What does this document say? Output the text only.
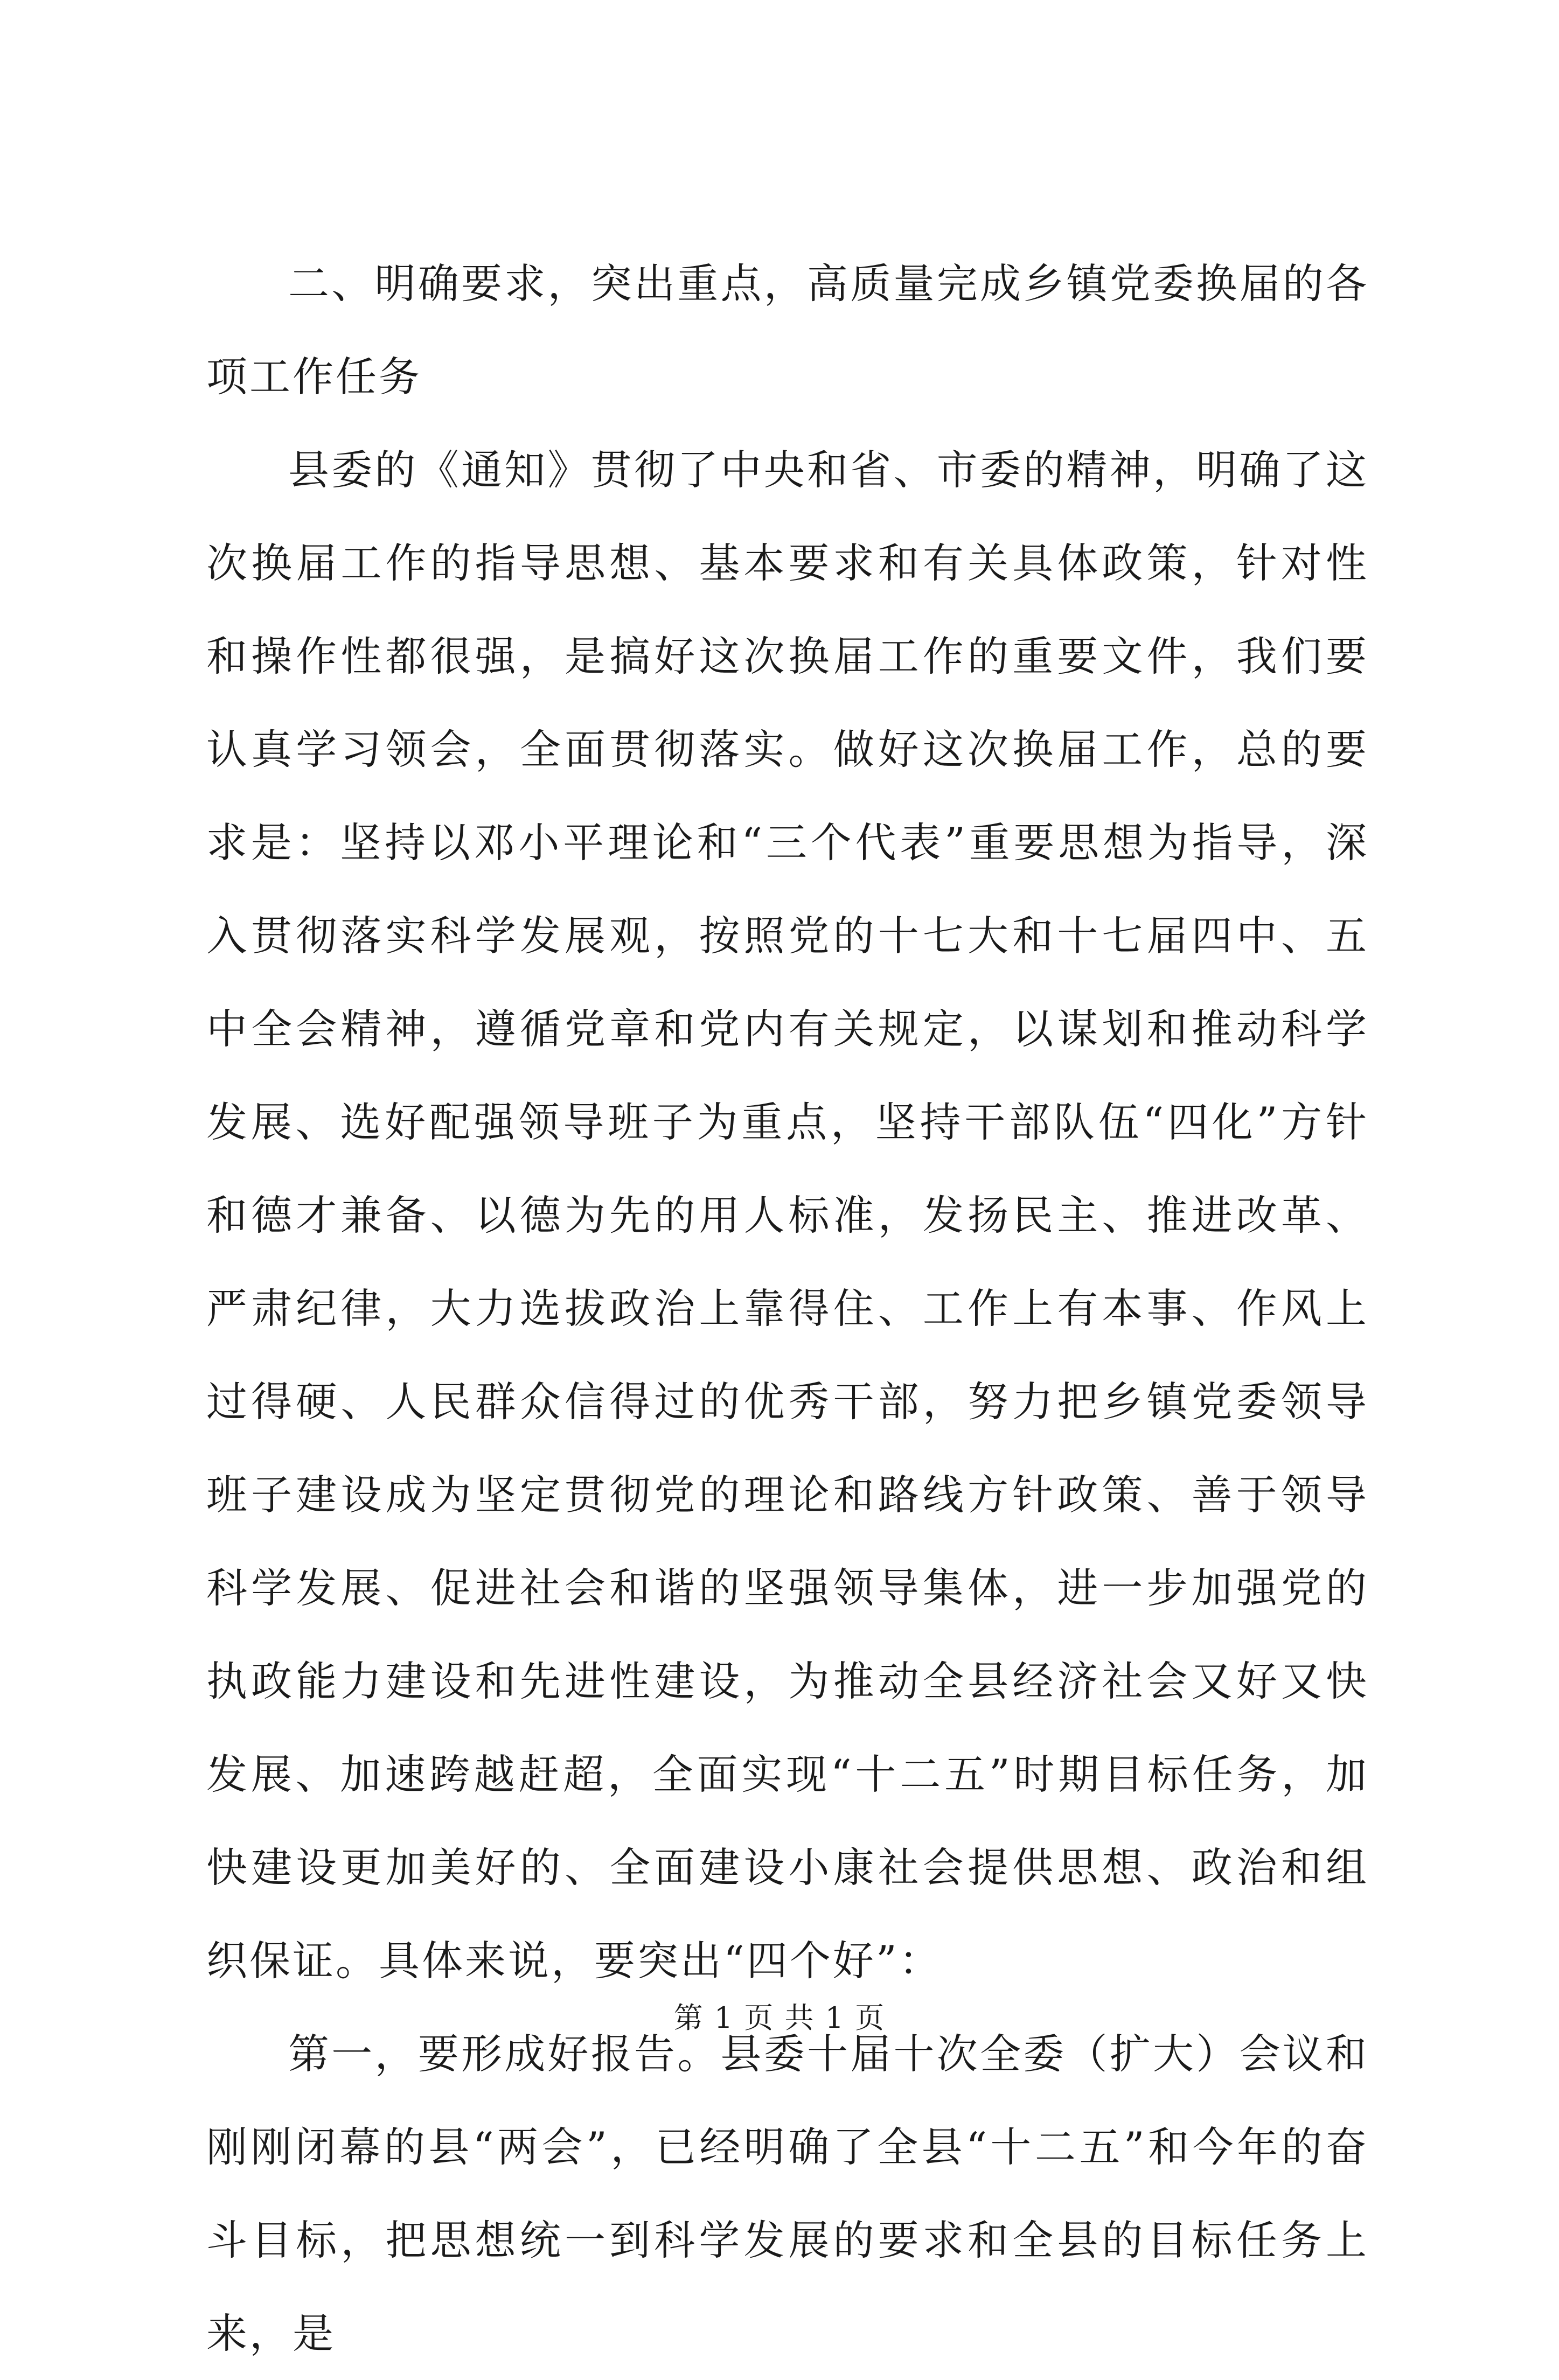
二、明确要求，突出重点，高质量完成乡镇党委换届的各项工作任务

县委的《通知》贯彻了中央和省、市委的精神，明确了这次换届工作的指导思想、基本要求和有关具体政策，针对性和操作性都很强，是搞好这次换届工作的重要文件，我们要认真学习领会，全面贯彻落实。做好这次换届工作，总的要求是：坚持以邓小平理论和“三个代表”重要思想为指导，深入贯彻落实科学发展观，按照党的十七大和十七届四中、五中全会精神，遵循党章和党内有关规定，以谋划和推动科学发展、选好配强领导班子为重点，坚持干部队伍“四化”方针和德才兼备、以德为先的用人标准，发扬民主、推进改革、严肃纪律，大力选拔政治上靠得住、工作上有本事、作风上过得硬、人民群众信得过的优秀干部，努力把乡镇党委领导班子建设成为坚定贯彻党的理论和路线方针政策、善于领导科学发展、促进社会和谐的坚强领导集体，进一步加强党的执政能力建设和先进性建设，为推动全县经济社会又好又快发展、加速跨越赶超，全面实现“十二五”时期目标任务，加快建设更加美好的、全面建设小康社会提供思想、政治和组织保证。具体来说，要突出“四个好”：

第一，要形成好报告。县委十届十次全委（扩大）会议和刚刚闭幕的县“两会”，已经明确了全县“十二五”和今年的奋斗目标，把思想统一到科学发展的要求和全县的目标任务上来，是

第 1 页 共 1 页
